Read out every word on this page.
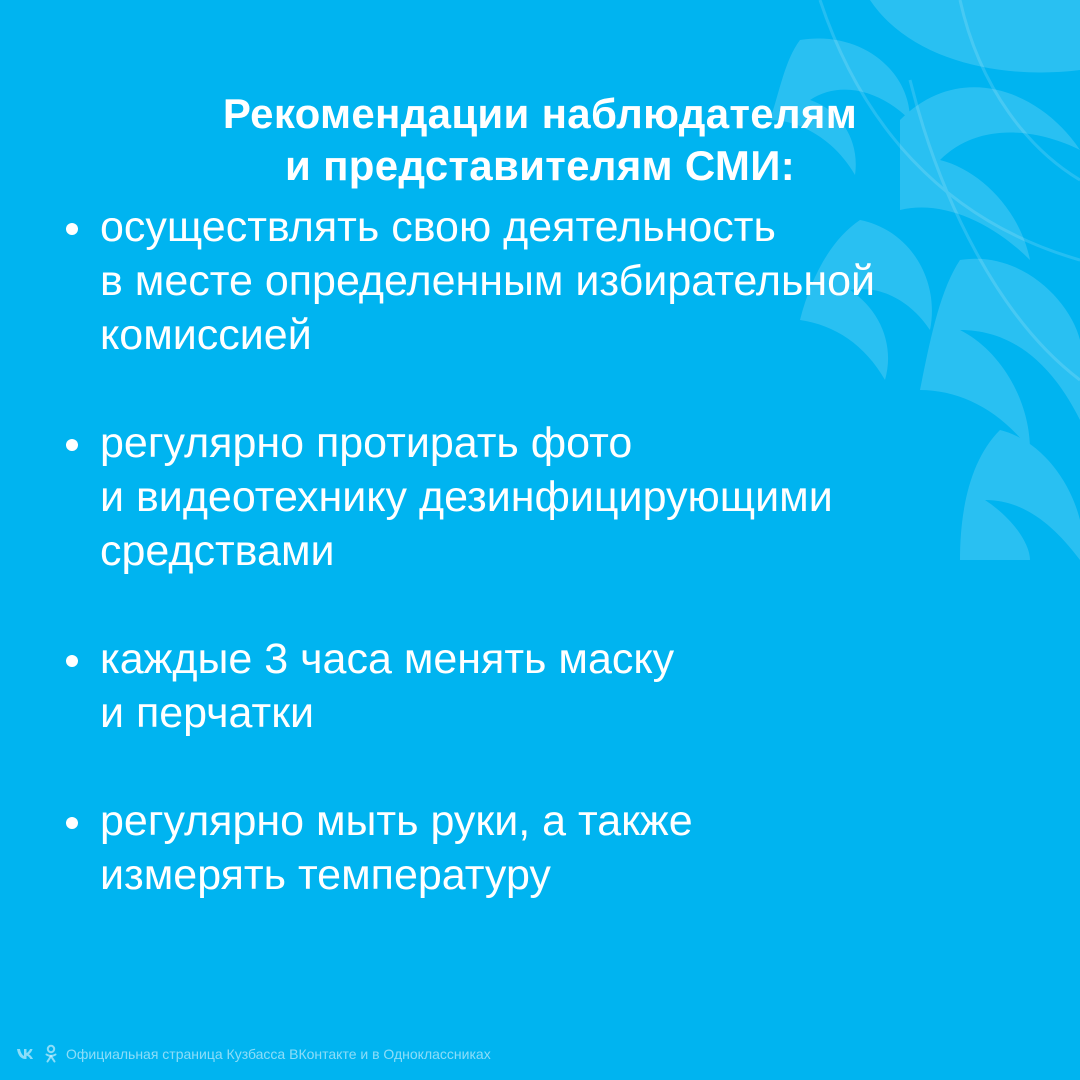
Рекомендации наблюдателям
и представителям СМИ:
осуществлять свою деятельность
в месте определенным избирательной
комиссией
регулярно протирать фото
и видеотехнику дезинфицирующими
средствами
каждые 3 часа менять маску
и перчатки
регулярно мыть руки, а также
измерять температуру
Официальная страница Кузбасса ВКонтакте и в Одноклассниках
